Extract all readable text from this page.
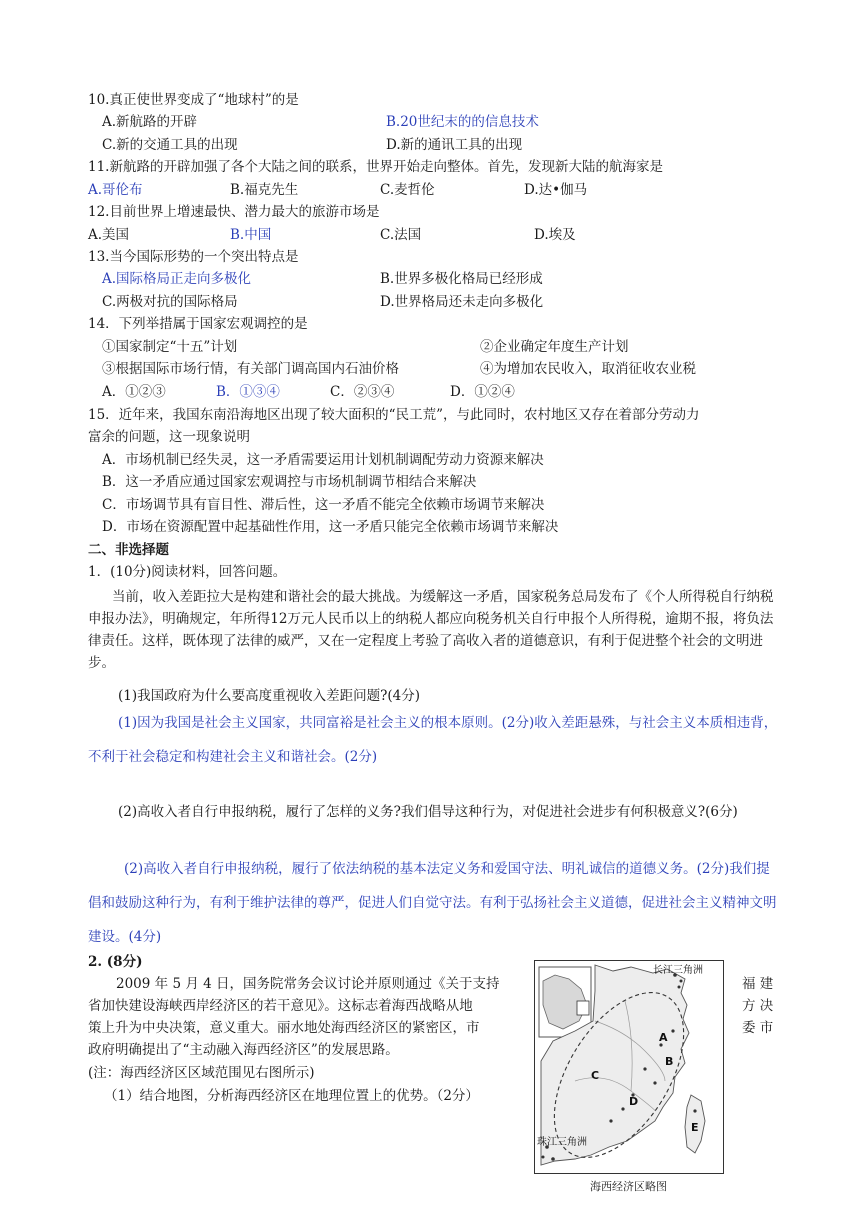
10.真正使世界变成了“地球村”的是
A.新航路的开辟	B.20世纪末的的信息技术
C.新的交通工具的出现	D.新的通讯工具的出现
11.新航路的开辟加强了各个大陆之间的联系，世界开始走向整体。首先，发现新大陆的航海家是
A.哥伦布	B.福克先生	C.麦哲伦	D.达•伽马
12.目前世界上增速最快、潜力最大的旅游市场是
A.美国	B.中国	C.法国	D.埃及
13.当今国际形势的一个突出特点是
A.国际格局正走向多极化	B.世界多极化格局已经形成
C.两极对抗的国际格局	D.世界格局还未走向多极化
14．下列举措属于国家宏观调控的是
①国家制定“十五”计划	②企业确定年度生产计划
③根据国际市场行情，有关部门调高国内石油价格	④为增加农民收入，取消征收农业税
A．①②③	B．①③④	C．②③④	D．①②④
15．近年来，我国东南沿海地区出现了较大面积的“民工荒”，与此同时，农村地区又存在着部分劳动力
富余的问题，这一现象说明
A．市场机制已经失灵，这一矛盾需要运用计划机制调配劳动力资源来解决
B．这一矛盾应通过国家宏观调控与市场机制调节相结合来解决
C．市场调节具有盲目性、滞后性，这一矛盾不能完全依赖市场调节来解决
D．市场在资源配置中起基础性作用，这一矛盾只能完全依赖市场调节来解决
二、非选择题
1．(10分)阅读材料，回答问题。
当前，收入差距拉大是构建和谐社会的最大挑战。为缓解这一矛盾，国家税务总局发布了《个人所得税自行纳税申报办法》，明确规定，年所得12万元人民币以上的纳税人都应向税务机关自行申报个人所得税，逾期不报，将负法律责任。这样，既体现了法律的威严，又在一定程度上考验了高收入者的道德意识，有利于促进整个社会的文明进步。
(1)我国政府为什么要高度重视收入差距问题?(4分)
(1)因为我国是社会主义国家，共同富裕是社会主义的根本原则。(2分)收入差距悬殊，与社会主义本质相违背，不利于社会稳定和构建社会主义和谐社会。(2分)
(2)高收入者自行申报纳税，履行了怎样的义务?我们倡导这种行为，对促进社会进步有何积极意义?(6分)
(2)高收入者自行申报纳税，履行了依法纳税的基本法定义务和爱国守法、明礼诚信的道德义务。(2分)我们提倡和鼓励这种行为，有利于维护法律的尊严，促进人们自觉守法。有利于弘扬社会主义道德，促进社会主义精神文明建设。(4分)
2. (8分)
2009 年 5 月 4 日，国务院常务会议讨论并原则通过《关于支持	福 建
省加快建设海峡西岸经济区的若干意见》。这标志着海西战略从地	方 决
策上升为中央决策，意义重大。丽水地处海西经济区的紧密区，市	委 市
政府明确提出了“主动融入海西经济区”的发展思路。
(注：海西经济区区域范围见右图所示)
（1）结合地图，分析海西经济区在地理位置上的优势。（2分）
长江三角洲
珠江三角洲
A
B
C
D
E
海西经济区略图
